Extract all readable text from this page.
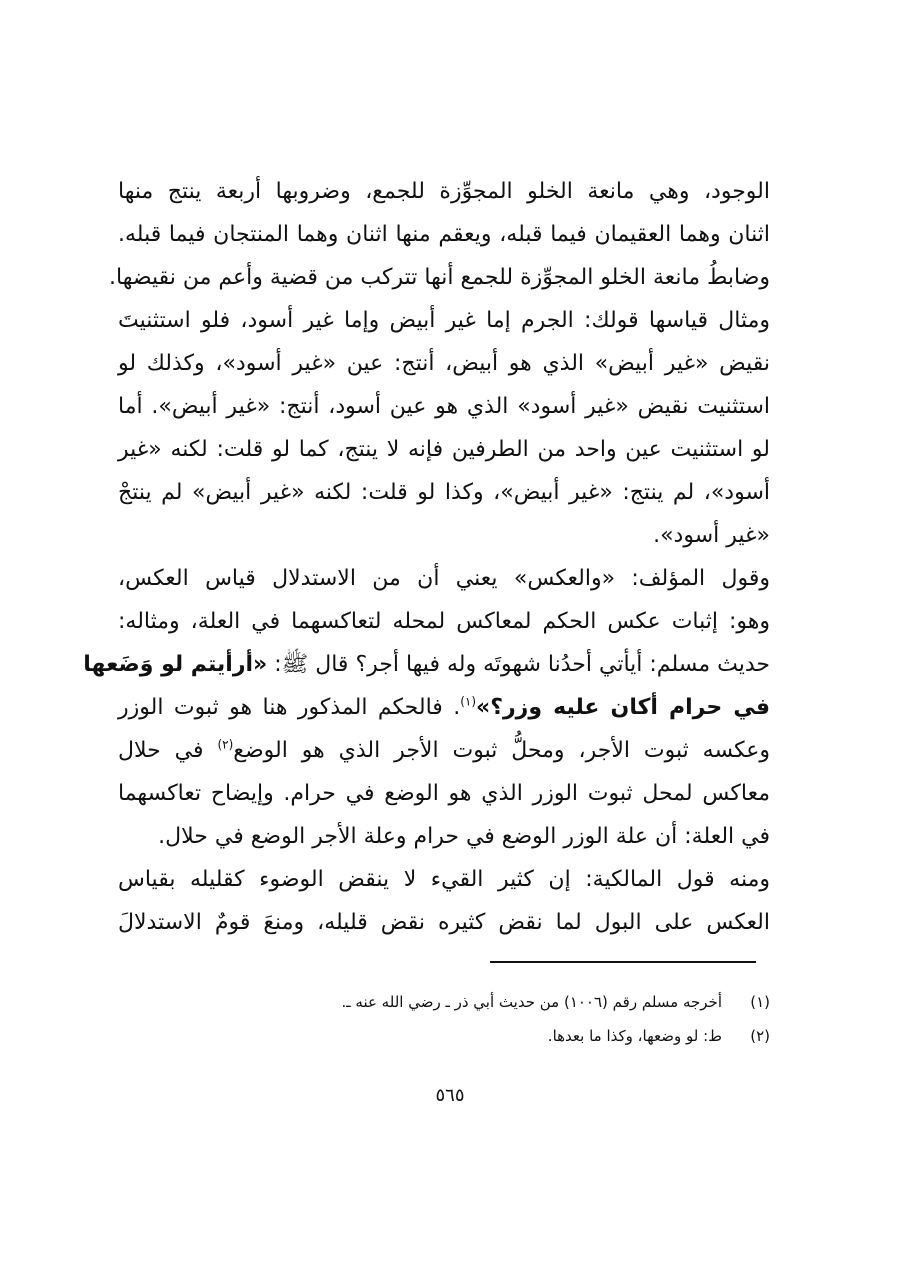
الوجود، وهي مانعة الخلو المجوِّزة للجمع، وضروبها أربعة ينتج منها
اثنان وهما العقيمان فيما قبله، ويعقم منها اثنان وهما المنتجان فيما قبله.
وضابطُ مانعة الخلو المجوِّزة للجمع أنها تتركب من قضية وأعم من نقيضها.
ومثال قياسها قولك: الجرم إما غير أبيض وإما غير أسود، فلو استثنيتَ
نقيض «غير أبيض» الذي هو أبيض، أنتج: عين «غير أسود»، وكذلك لو
استثنيت نقيض «غير أسود» الذي هو عين أسود، أنتج: «غير أبيض». أما
لو استثنيت عين واحد من الطرفين فإنه لا ينتج، كما لو قلت: لكنه «غير
أسود»، لم ينتج: «غير أبيض»، وكذا لو قلت: لكنه «غير أبيض» لم ينتجْ
«غير أسود».
وقول المؤلف: «والعكس» يعني أن من الاستدلال قياس العكس،
وهو: إثبات عكس الحكم لمعاكس لمحله لتعاكسهما في العلة، ومثاله:
حديث مسلم: أيأتي أحدُنا شهوتَه وله فيها أجر؟ قال ﷺ: «أرأيتم لو وَضَعها
في حرام أكان عليه وزر؟»$^{(١)}$. فالحكم المذكور هنا هو ثبوت الوزر
وعكسه ثبوت الأجر، ومحلُّ ثبوت الأجر الذي هو الوضع$^{(٢)}$ في حلال
معاكس لمحل ثبوت الوزر الذي هو الوضع في حرام. وإيضاح تعاكسهما
في العلة: أن علة الوزر الوضع في حرام وعلة الأجر الوضع في حلال.
ومنه قول المالكية: إن كثير القيء لا ينقض الوضوء كقليله بقياس
العكس على البول لما نقض كثيره نقض قليله، ومنعَ قومٌ الاستدلالَ
(١)أخرجه مسلم رقم (١٠٠٦) من حديث أبي ذر ـ رضي الله عنه ـ.
(٢)ط: لو وضعها، وكذا ما بعدها.
٥٦٥
